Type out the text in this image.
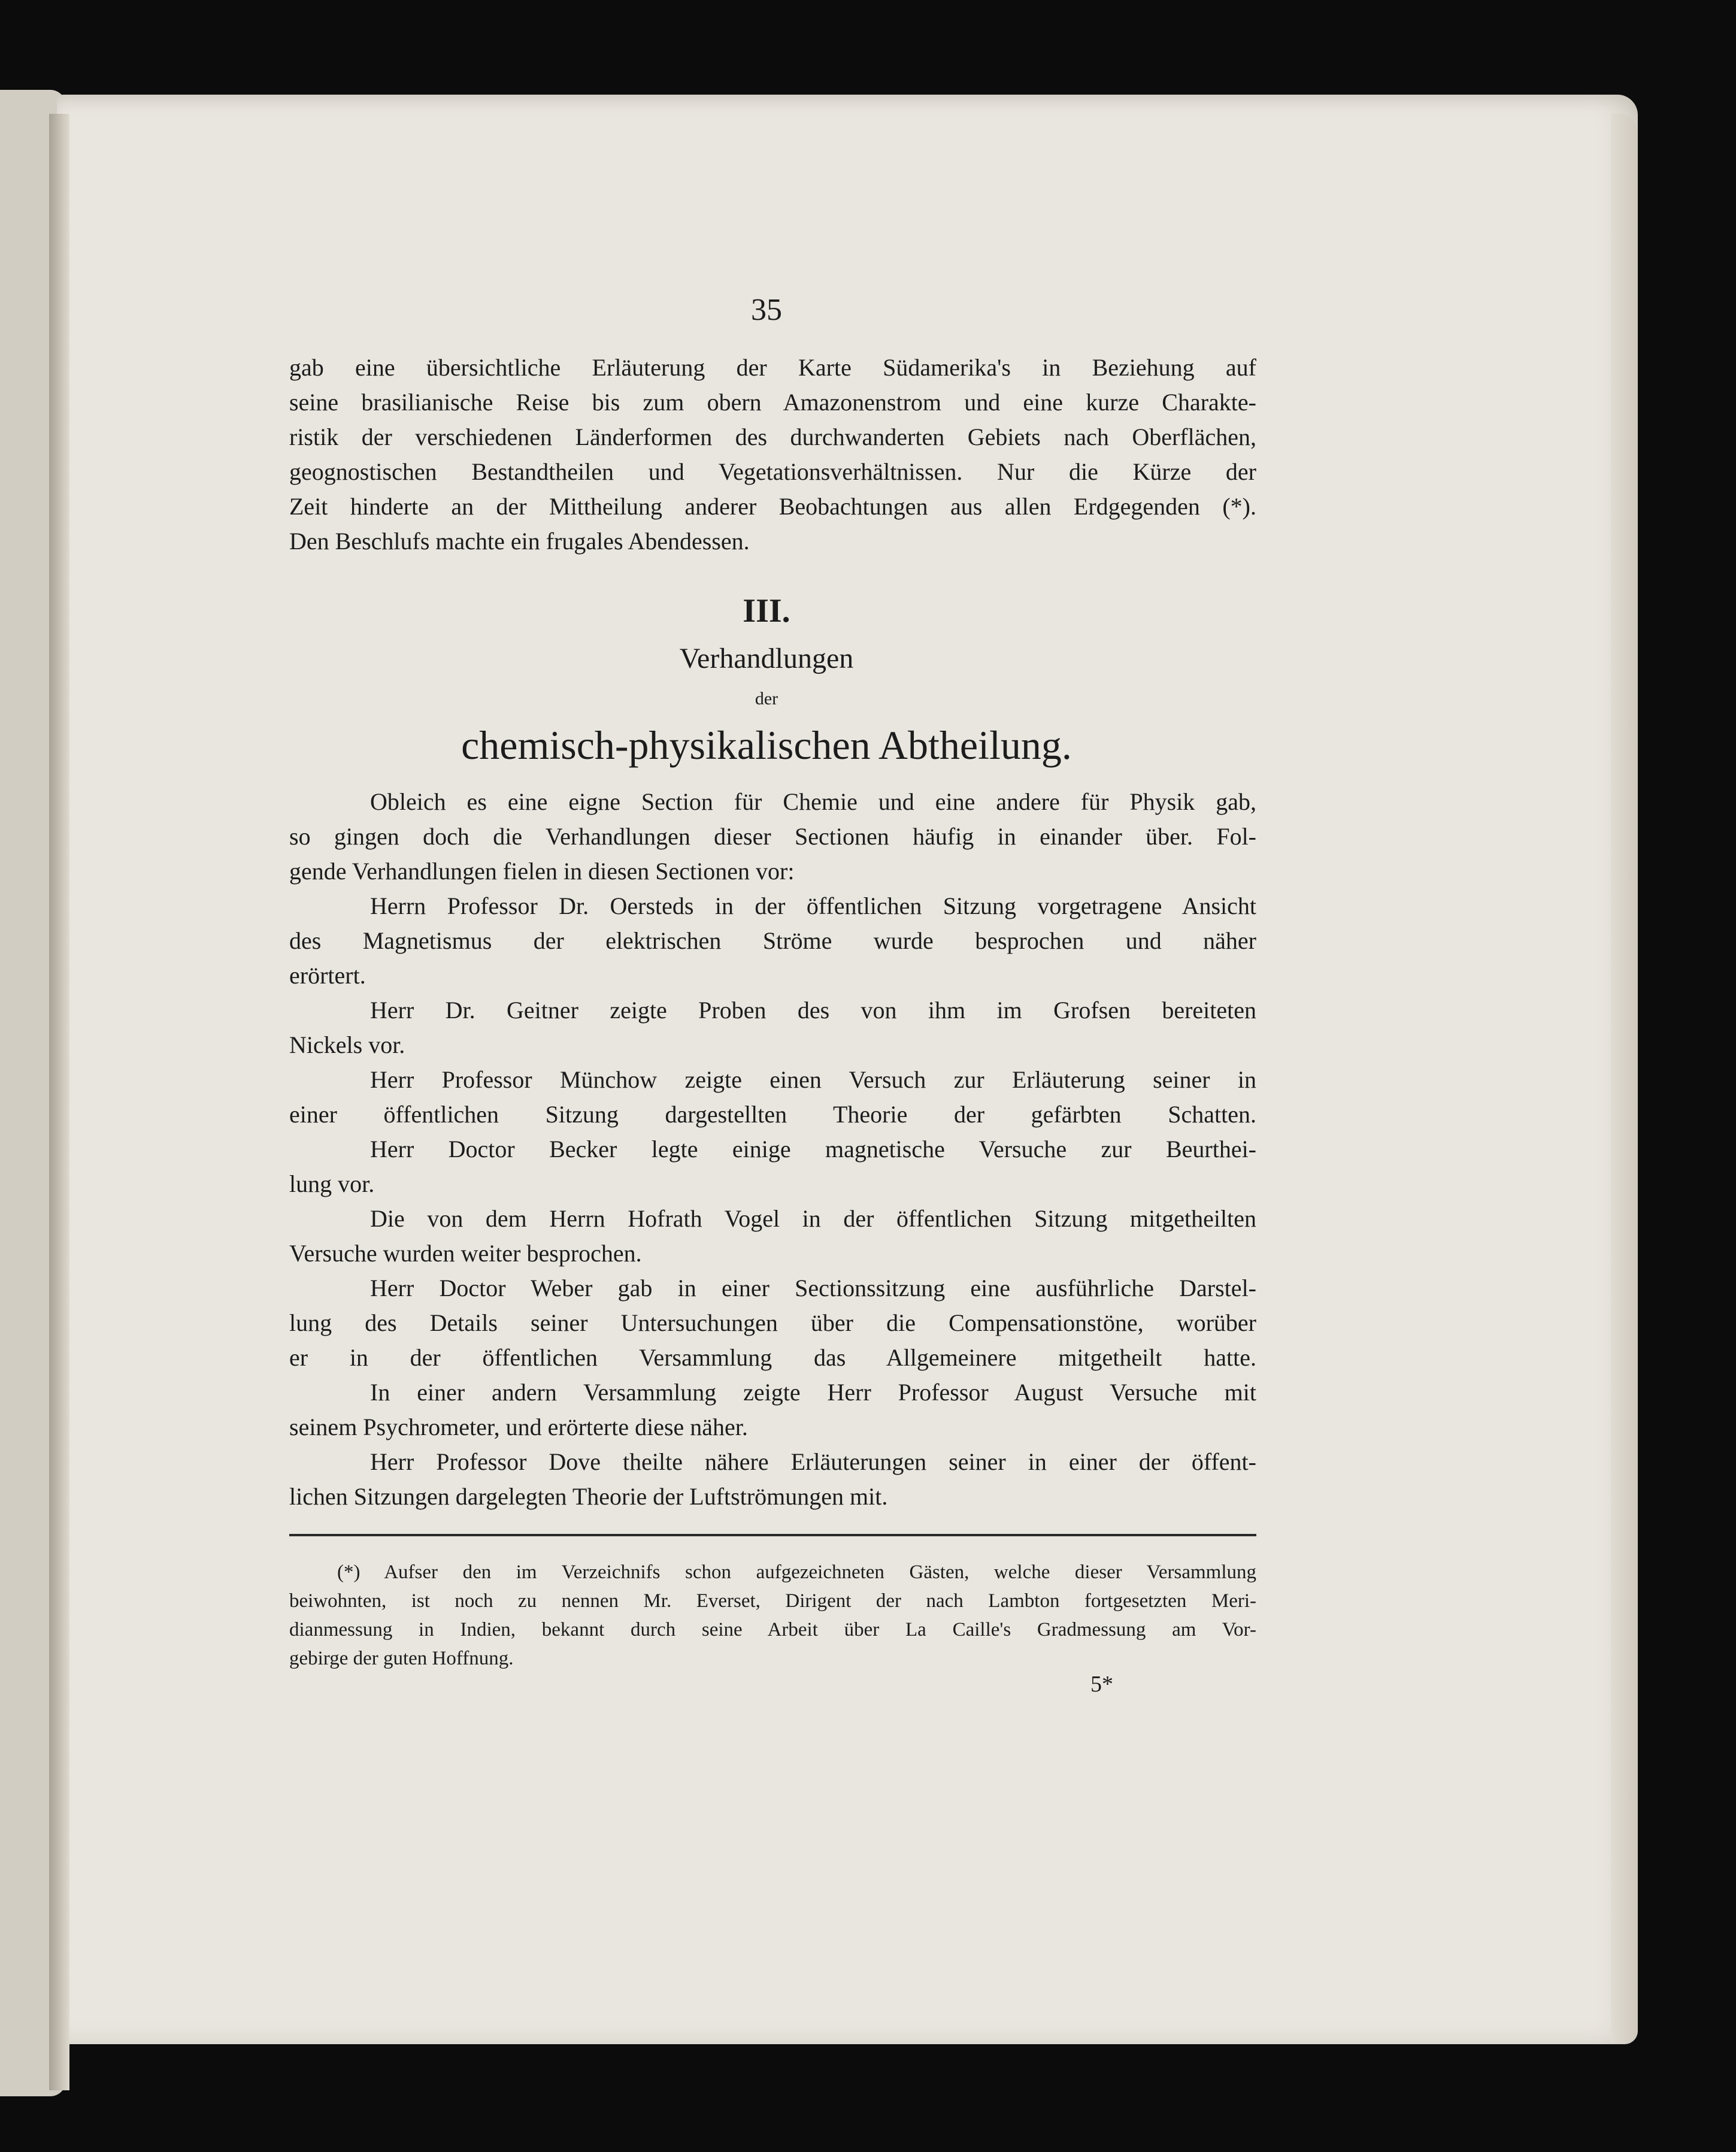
35

gab eine übersichtliche Erläuterung der Karte Südamerika's in Beziehung auf
seine brasilianische Reise bis zum obern Amazonenstrom und eine kurze Charakte-
ristik der verschiedenen Länderformen des durchwanderten Gebiets nach Oberflächen,
geognostischen Bestandtheilen und Vegetationsverhältnissen. Nur die Kürze der
Zeit hinderte an der Mittheilung anderer Beobachtungen aus allen Erdgegenden (*).
Den Beschlufs machte ein frugales Abendessen.

III.
Verhandlungen
der
chemisch-physikalischen Abtheilung.

Obleich es eine eigne Section für Chemie und eine andere für Physik gab,
so gingen doch die Verhandlungen dieser Sectionen häufig in einander über. Fol-
gende Verhandlungen fielen in diesen Sectionen vor:
Herrn Professor Dr. Oersteds in der öffentlichen Sitzung vorgetragene Ansicht
des Magnetismus der elektrischen Ströme wurde besprochen und näher
erörtert.
Herr Dr. Geitner zeigte Proben des von ihm im Grofsen bereiteten
Nickels vor.
Herr Professor Münchow zeigte einen Versuch zur Erläuterung seiner in
einer öffentlichen Sitzung dargestellten Theorie der gefärbten Schatten.
Herr Doctor Becker legte einige magnetische Versuche zur Beurthei-
lung vor.
Die von dem Herrn Hofrath Vogel in der öffentlichen Sitzung mitgetheilten
Versuche wurden weiter besprochen.
Herr Doctor Weber gab in einer Sectionssitzung eine ausführliche Darstel-
lung des Details seiner Untersuchungen über die Compensationstöne, worüber
er in der öffentlichen Versammlung das Allgemeinere mitgetheilt hatte.
In einer andern Versammlung zeigte Herr Professor August Versuche mit
seinem Psychrometer, und erörterte diese näher.
Herr Professor Dove theilte nähere Erläuterungen seiner in einer der öffent-
lichen Sitzungen dargelegten Theorie der Luftströmungen mit.

(*) Aufser den im Verzeichnifs schon aufgezeichneten Gästen, welche dieser Versammlung
beiwohnten, ist noch zu nennen Mr. Everset, Dirigent der nach Lambton fortgesetzten Meri-
dianmessung in Indien, bekannt durch seine Arbeit über La Caille's Gradmessung am Vor-
gebirge der guten Hoffnung.

5*
